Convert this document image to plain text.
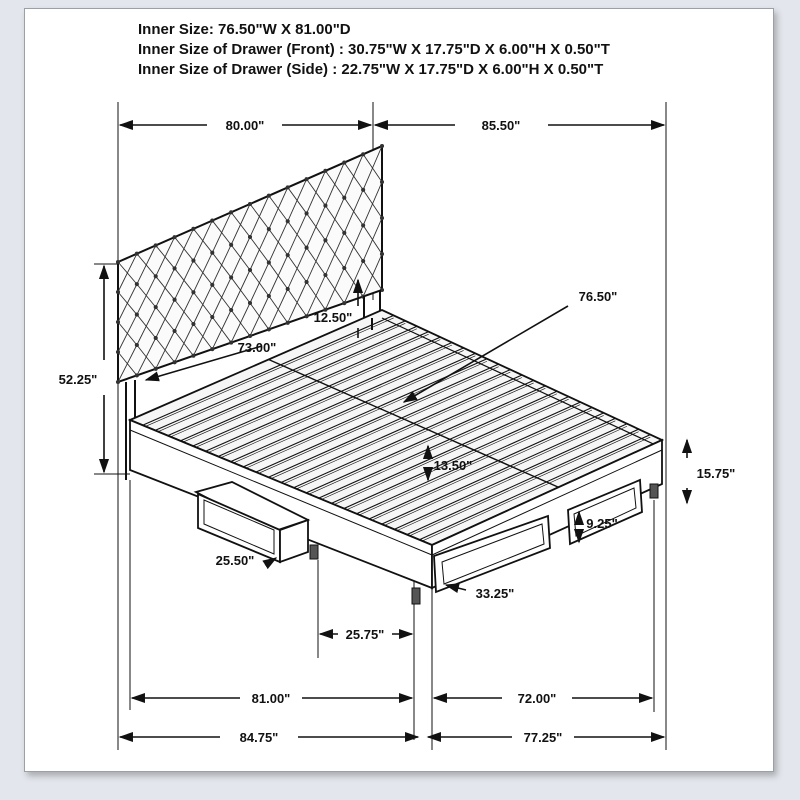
Inner Size: 76.50"W X 81.00"D

Inner Size of Drawer (Front) : 30.75"W X 17.75"D X 6.00"H X 0.50"T

Inner Size of Drawer (Side) : 22.75"W X 17.75"D X 6.00"H X 0.50"T

80.00"	85.50"
52.25"
12.50"
73.00"
76.50"
13.50"
15.75"
9.25"
25.50"
33.25"
25.75"
81.00"	72.00"
84.75"	77.25"
